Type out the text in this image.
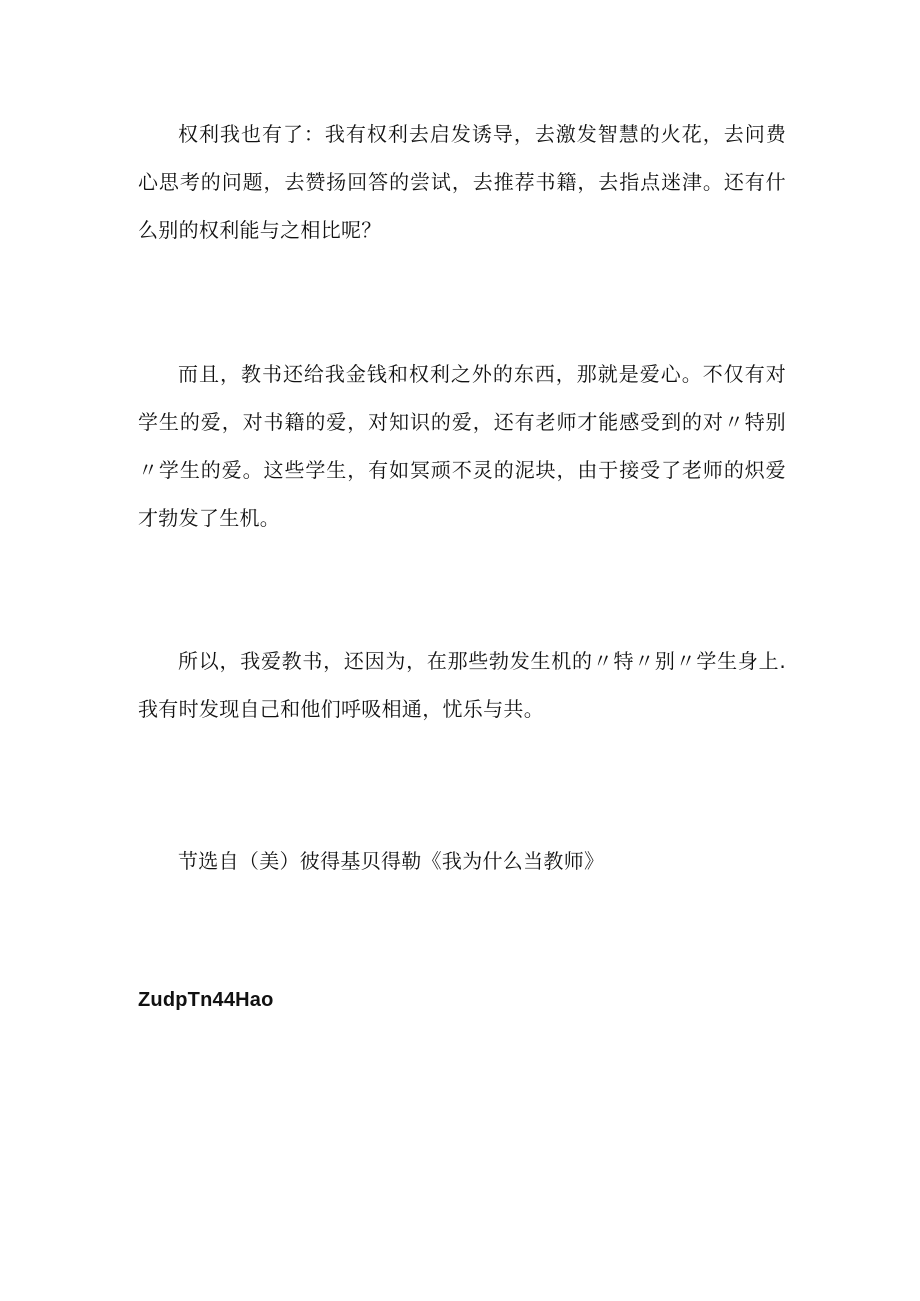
权利我也有了：我有权利去启发诱导，去激发智慧的火花，去问费心思考的问题，去赞扬回答的尝试，去推荐书籍，去指点迷津。还有什么别的权利能与之相比呢？

而且，教书还给我金钱和权利之外的东西，那就是爱心。不仅有对学生的爱，对书籍的爱，对知识的爱，还有老师才能感受到的对〃特别〃学生的爱。这些学生，有如冥顽不灵的泥块，由于接受了老师的炽爱才勃发了生机。

所以，我爱教书，还因为，在那些勃发生机的〃特〃别〃学生身上.我有时发现自己和他们呼吸相通，忧乐与共。

节选自（美）彼得基贝得勒《我为什么当教师》

ZudpTn44Hao
